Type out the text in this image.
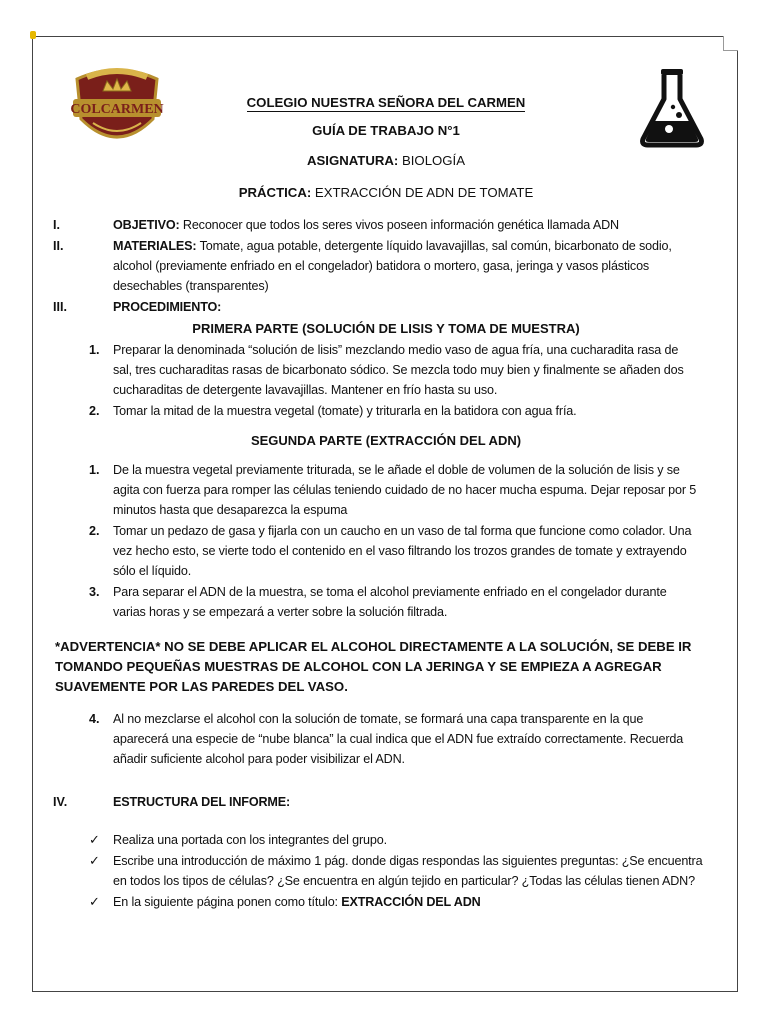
COLCARMEN	COLEGIO NUESTRA SEÑORA DEL CARMEN
GUÍA DE TRABAJO N°1
ASIGNATURA: BIOLOGÍA
PRÁCTICA: EXTRACCIÓN DE ADN DE TOMATE
I.	OBJETIVO: Reconocer que todos los seres vivos poseen información genética llamada ADN
II.	MATERIALES: Tomate, agua potable, detergente líquido lavavajillas, sal común, bicarbonato de sodio,
alcohol (previamente enfriado en el congelador) batidora o mortero, gasa, jeringa y vasos plásticos
desechables (transparentes)
III.	PROCEDIMIENTO:
PRIMERA PARTE (SOLUCIÓN DE LISIS Y TOMA DE MUESTRA)
1. Preparar la denominada “solución de lisis” mezclando medio vaso de agua fría, una cucharadita rasa de
sal, tres cucharaditas rasas de bicarbonato sódico. Se mezcla todo muy bien y finalmente se añaden dos
cucharaditas de detergente lavavajillas. Mantener en frío hasta su uso.
2. Tomar la mitad de la muestra vegetal (tomate) y triturarla en la batidora con agua fría.
SEGUNDA PARTE (EXTRACCIÓN DEL ADN)
1. De la muestra vegetal previamente triturada, se le añade el doble de volumen de la solución de lisis y se
agita con fuerza para romper las células teniendo cuidado de no hacer mucha espuma. Dejar reposar por 5
minutos hasta que desaparezca la espuma
2. Tomar un pedazo de gasa y fijarla con un caucho en un vaso de tal forma que funcione como colador. Una
vez hecho esto, se vierte todo el contenido en el vaso filtrando los trozos grandes de tomate y extrayendo
sólo el líquido.
3. Para separar el ADN de la muestra, se toma el alcohol previamente enfriado en el congelador durante
varias horas y se empezará a verter sobre la solución filtrada.
*ADVERTENCIA* NO SE DEBE APLICAR EL ALCOHOL DIRECTAMENTE A LA SOLUCIÓN, SE DEBE IR
TOMANDO PEQUEÑAS MUESTRAS DE ALCOHOL CON LA JERINGA Y SE EMPIEZA A AGREGAR
SUAVEMENTE POR LAS PAREDES DEL VASO.
4. Al no mezclarse el alcohol con la solución de tomate, se formará una capa transparente en la que
aparecerá una especie de “nube blanca” la cual indica que el ADN fue extraído correctamente. Recuerda
añadir suficiente alcohol para poder visibilizar el ADN.
IV.	ESTRUCTURA DEL INFORME:
✓ Realiza una portada con los integrantes del grupo.
✓ Escribe una introducción de máximo 1 pág. donde digas respondas las siguientes preguntas: ¿Se encuentra
en todos los tipos de células? ¿Se encuentra en algún tejido en particular? ¿Todas las células tienen ADN?
✓ En la siguiente página ponen como título: EXTRACCIÓN DEL ADN
